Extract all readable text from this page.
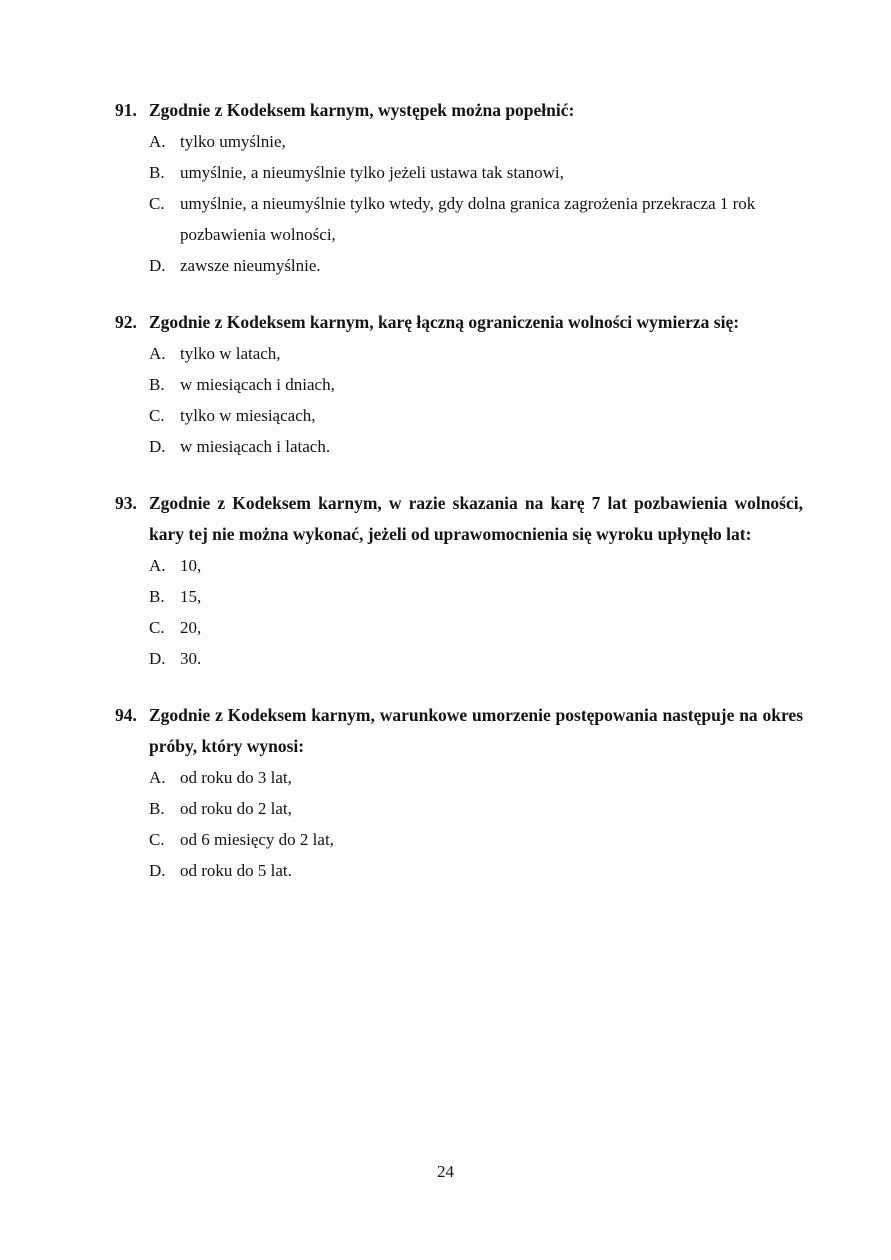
91. Zgodnie z Kodeksem karnym, występek można popełnić:
A. tylko umyślnie,
B. umyślnie, a nieumyślnie tylko jeżeli ustawa tak stanowi,
C. umyślnie, a nieumyślnie tylko wtedy, gdy dolna granica zagrożenia przekracza 1 rok pozbawienia wolności,
D. zawsze nieumyślnie.
92. Zgodnie z Kodeksem karnym, karę łączną ograniczenia wolności wymierza się:
A. tylko w latach,
B. w miesiącach i dniach,
C. tylko w miesiącach,
D. w miesiącach i latach.
93. Zgodnie z Kodeksem karnym, w razie skazania na karę 7 lat pozbawienia wolności, kary tej nie można wykonać, jeżeli od uprawomocnienia się wyroku upłynęło lat:
A. 10,
B. 15,
C. 20,
D. 30.
94. Zgodnie z Kodeksem karnym, warunkowe umorzenie postępowania następuje na okres próby, który wynosi:
A. od roku do 3 lat,
B. od roku do 2 lat,
C. od 6 miesięcy do 2 lat,
D. od roku do 5 lat.
24
